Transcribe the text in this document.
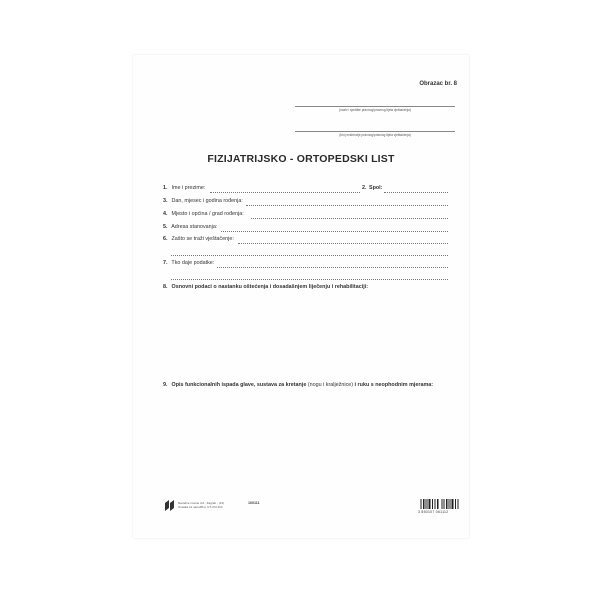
Obrazac br. 8
(naziv i sjedište pravnog/pravnog tijela vještačenja)
(broj evidencije pravnog/pravnog tijela vještačenja)
FIZIJATRIJSKO - ORTOPEDSKI LIST
1. Ime i prezime:	2. Spol:
3. Dan, mjesec i godina rođenja:
4. Mjesto i općina / grad rođenja:
5. Adresa stanovanja:
6. Zašto se traži vještačenje:
7. Tko daje podatke:
8. Osnovni podaci o nastanku oštećenja i dosadašnjem liječenju i rehabilitaciji:
9. Opis funkcionalnih ispada glave, sustava za kretanje (nogu i kralježnice) i ruku s neophodnim mjerama:
Narodne novine d.d., Zagreb - (13)
Ovaska za narudžbu: UT-XIV-110
160111
3 850107 061112
